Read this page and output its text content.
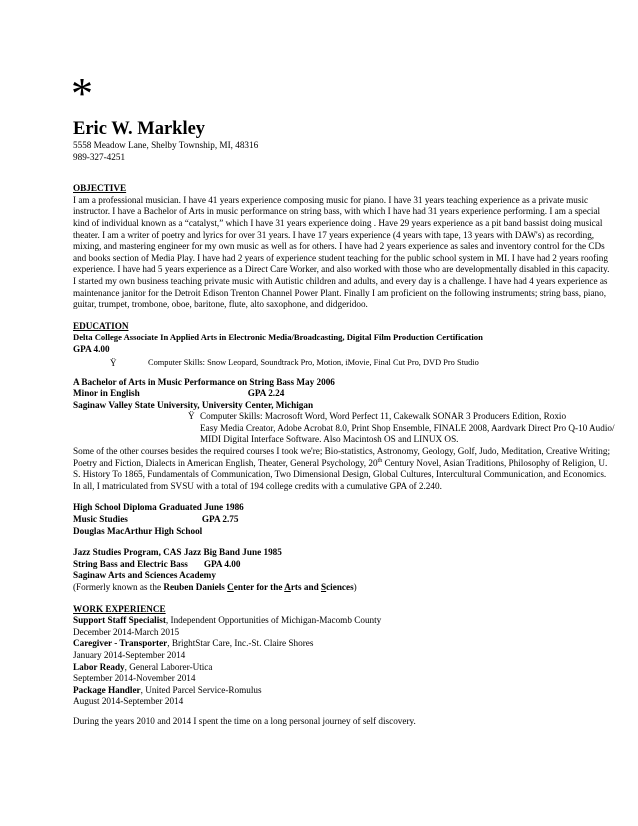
*
Eric W. Markley
5558 Meadow Lane, Shelby Township, MI, 48316
989-327-4251
OBJECTIVE
I am a professional musician. I have 41 years experience composing music for piano. I have 31 years teaching experience as a private music
instructor. I have a Bachelor of Arts in music performance on string bass, with which I have had 31 years experience performing. I am a special
kind of individual known as a “catalyst,” which I have 31 years experience doing . Have 29 years experience as a pit band bassist doing musical
theater. I am a writer of poetry and lyrics for over 31 years. I have 17 years experience (4 years with tape, 13 years with DAW's) as recording,
mixing, and mastering engineer for my own music as well as for others. I have had 2 years experience as sales and inventory control for the CDs
and books section of Media Play. I have had 2 years of experience student teaching for the public school system in MI. I have had 2 years roofing
experience. I have had 5 years experience as a Direct Care Worker, and also worked with those who are developmentally disabled in this capacity.
I started my own business teaching private music with Autistic children and adults, and every day is a challenge. I have had 4 years experience as
maintenance janitor for the Detroit Edison Trenton Channel Power Plant. Finally I am proficient on the following instruments; string bass, piano,
guitar, trumpet, trombone, oboe, baritone, flute, alto saxophone, and didgeridoo.
EDUCATION
Delta College Associate In Applied Arts in Electronic Media/Broadcasting, Digital Film Production Certification
GPA 4.00
Ÿ	Computer Skills: Snow Leopard, Soundtrack Pro, Motion, iMovie, Final Cut Pro, DVD Pro Studio
A Bachelor of Arts in Music Performance on String Bass May 2006
Minor in English	GPA 2.24
Saginaw Valley State University, University Center, Michigan
Ÿ Computer Skills: Macrosoft Word, Word Perfect 11, Cakewalk SONAR 3 Producers Edition, Roxio
Easy Media Creator, Adobe Acrobat 8.0, Print Shop Ensemble, FINALE 2008, Aardvark Direct Pro Q-10 Audio/
MIDI Digital Interface Software. Also Macintosh OS and LINUX OS.
Some of the other courses besides the required courses I took we're; Bio-statistics, Astronomy, Geology, Golf, Judo, Meditation, Creative Writing;
Poetry and Fiction, Dialects in American English, Theater, General Psychology, 20th Century Novel, Asian Traditions, Philosophy of Religion, U.
S. History To 1865, Fundamentals of Communication, Two Dimensional Design, Global Cultures, Intercultural Communication, and Economics.
In all, I matriculated from SVSU with a total of 194 college credits with a cumulative GPA of 2.240.
High School Diploma Graduated June 1986
Music Studies	GPA 2.75
Douglas MacArthur High School
Jazz Studies Program, CAS Jazz Big Band June 1985
String Bass and Electric Bass GPA 4.00
Saginaw Arts and Sciences Academy
(Formerly known as the Reuben Daniels Center for the Arts and Sciences)
WORK EXPERIENCE
Support Staff Specialist, Independent Opportunities of Michigan-Macomb County
December 2014-March 2015
Caregiver - Transporter, BrightStar Care, Inc.-St. Claire Shores
January 2014-September 2014
Labor Ready, General Laborer-Utica
September 2014-November 2014
Package Handler, United Parcel Service-Romulus
August 2014-September 2014
During the years 2010 and 2014 I spent the time on a long personal journey of self discovery.
